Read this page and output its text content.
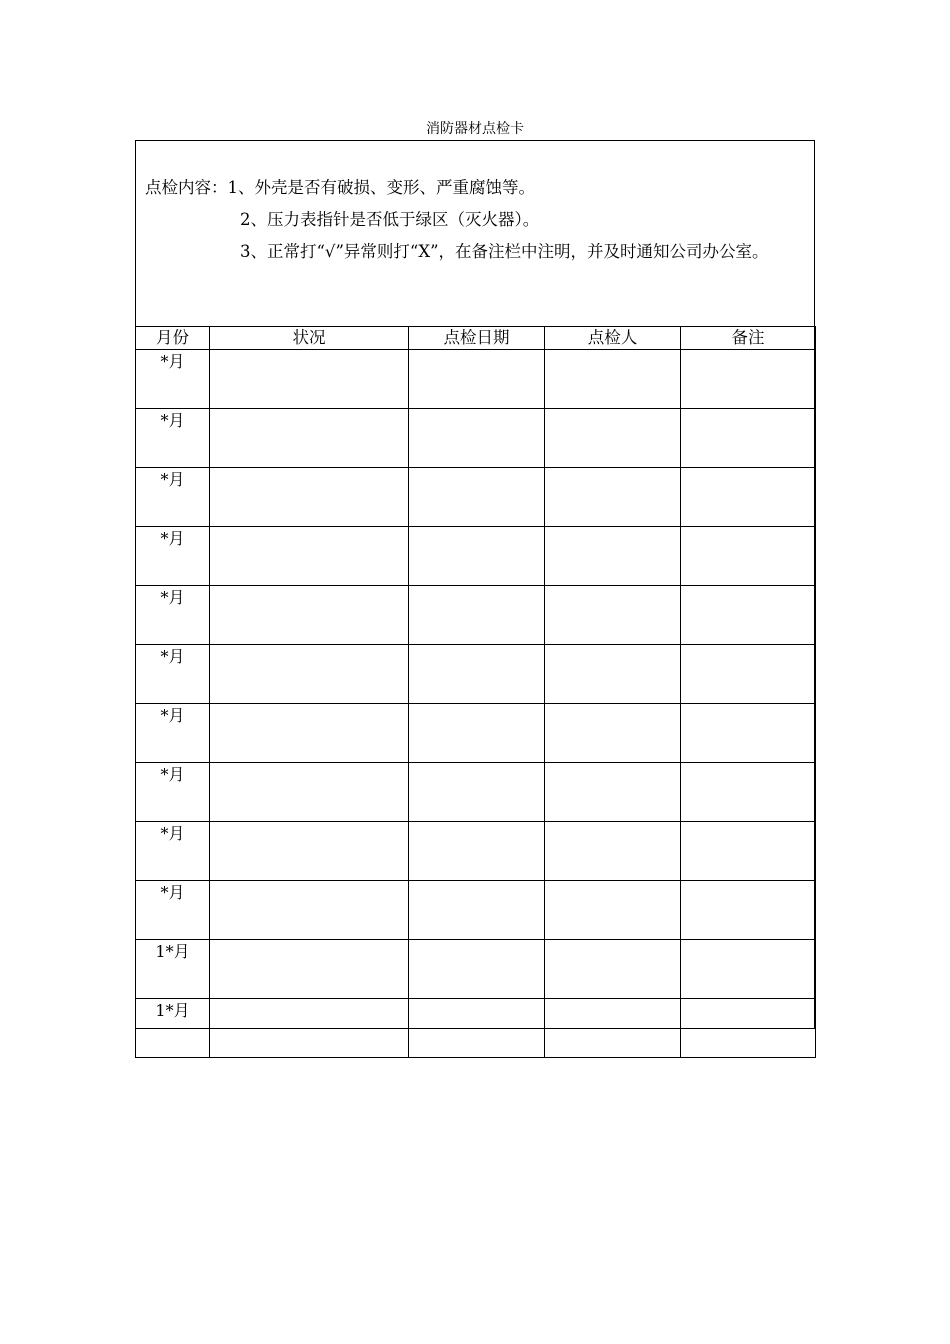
消防器材点检卡
点检内容：1、外壳是否有破损、变形、严重腐蚀等。
2、压力表指针是否低于绿区（灭火器）。
3、正常打“√”异常则打“X”，在备注栏中注明，并及时通知公司办公室。
月份	状况	点检日期	点检人	备注
*月				
*月				
*月				
*月				
*月				
*月				
*月				
*月				
*月				
*月				
1*月				
1*月				
